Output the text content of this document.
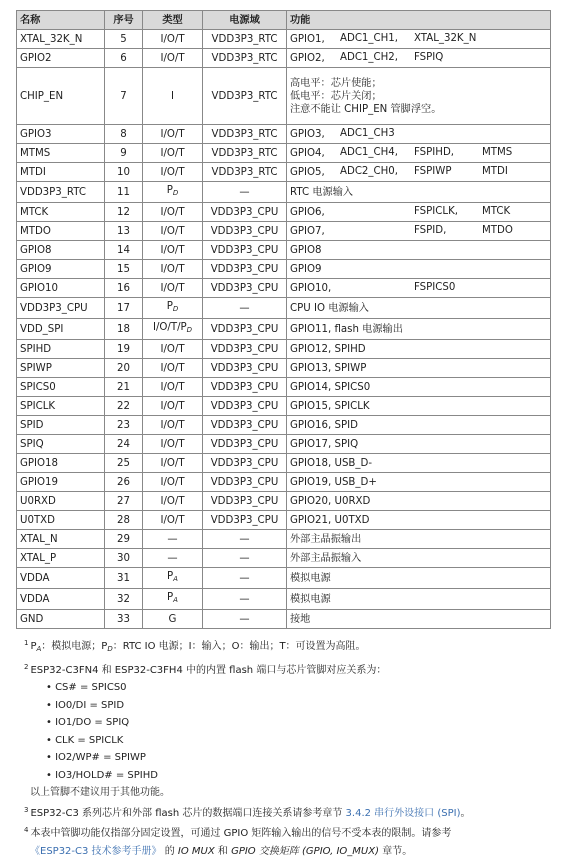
名称	序号	类型	电源域	功能
XTAL_32K_N	5	I/O/T	VDD3P3_RTC	GPIO1, ADC1_CH1, XTAL_32K_N

GPIO2	6	I/O/T	VDD3P3_RTC	GPIO2, ADC1_CH2, FSPIQ

CHIP_EN	7	I	VDD3P3_RTC	高电平：芯片使能；
低电平：芯片关闭；
注意不能让 CHIP_EN 管脚浮空。

GPIO3	8	I/O/T	VDD3P3_RTC	GPIO3, ADC1_CH3

MTMS	9	I/O/T	VDD3P3_RTC	GPIO4, ADC1_CH4, FSPIHD, MTMS

MTDI	10	I/O/T	VDD3P3_RTC	GPIO5, ADC2_CH0, FSPIWP MTDI

VDD3P3_RTC	11	$P_D$	—	RTC 电源输入
MTCK	12	I/O/T	VDD3P3_CPU	GPIO6, FSPICLK, MTCK

MTDO	13	I/O/T	VDD3P3_CPU	GPIO7, FSPID, MTDO

GPIO8	14	I/O/T	VDD3P3_CPU	GPIO8
GPIO9	15	I/O/T	VDD3P3_CPU	GPIO9
GPIO10	16	I/O/T	VDD3P3_CPU	GPIO10, FSPICS0

VDD3P3_CPU	17	$P_D$	—	CPU IO 电源输入
VDD_SPI	18	$I/O/T/P_D$	VDD3P3_CPU	GPIO11, flash 电源输出
SPIHD	19	I/O/T	VDD3P3_CPU	GPIO12, SPIHD
SPIWP	20	I/O/T	VDD3P3_CPU	GPIO13, SPIWP
SPICS0	21	I/O/T	VDD3P3_CPU	GPIO14, SPICS0
SPICLK	22	I/O/T	VDD3P3_CPU	GPIO15, SPICLK
SPID	23	I/O/T	VDD3P3_CPU	GPIO16, SPID
SPIQ	24	I/O/T	VDD3P3_CPU	GPIO17, SPIQ
GPIO18	25	I/O/T	VDD3P3_CPU	GPIO18, USB_D-
GPIO19	26	I/O/T	VDD3P3_CPU	GPIO19, USB_D+
U0RXD	27	I/O/T	VDD3P3_CPU	GPIO20, U0RXD
U0TXD	28	I/O/T	VDD3P3_CPU	GPIO21, U0TXD
XTAL_N	29	—	—	外部主晶振输出
XTAL_P	30	—	—	外部主晶振输入
VDDA	31	$P_A$	—	模拟电源
VDDA	32	$P_A$	—	模拟电源
GND	33	G	—	接地
$^1$ $P_A$：模拟电源；$P_D$：RTC IO 电源；I：输入；O：输出；T：可设置为高阻。
$^2$ ESP32-C3FN4 和 ESP32-C3FH4 中的内置 flash 端口与芯片管脚对应关系为：
• CS# = SPICS0
• IO0/DI = SPID
• IO1/DO = SPIQ
• CLK = SPICLK
• IO2/WP# = SPIWP
• IO3/HOLD# = SPIHD
以上管脚不建议用于其他功能。
$^3$ ESP32-C3 系列芯片和外部 flash 芯片的数据端口连接关系请参考章节 3.4.2 串行外设接口 (SPI)。
$^4$ 本表中管脚功能仅指部分固定设置，可通过 GPIO 矩阵输入输出的信号不受本表的限制。请参考
《ESP32-C3 技术参考手册》 的 IO MUX 和 GPIO 交换矩阵 (GPIO, IO_MUX) 章节。
